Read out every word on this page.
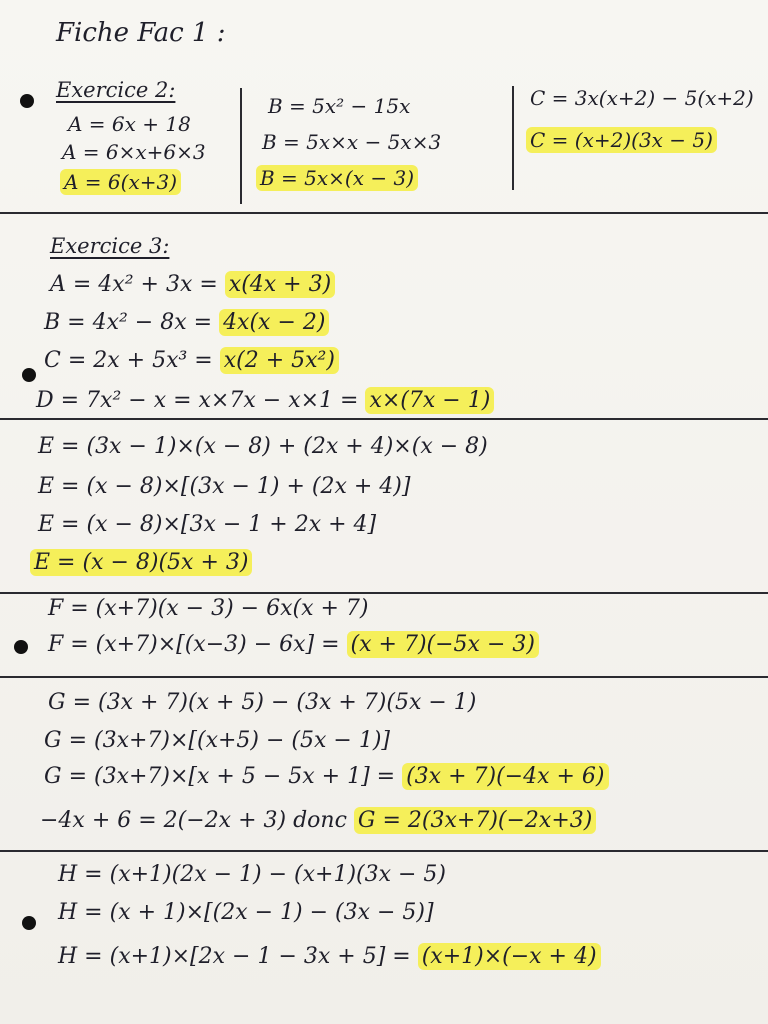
Fiche Fac 1 :
Exercice 2:
A = 6x + 18
A = 6×x+6×3
A = 6(x+3)
B = 5x² − 15x
B = 5x×x − 5x×3
B = 5x×(x − 3)
C = 3x(x+2) − 5(x+2)
C = (x+2)(3x − 5)
Exercice 3:
A = 4x² + 3x = x(4x + 3)
B = 4x² − 8x = 4x(x − 2)
C = 2x + 5x³ = x(2 + 5x²)
D = 7x² − x = x×7x − x×1 = x×(7x − 1)
E = (3x − 1)×(x − 8) + (2x + 4)×(x − 8)
E = (x − 8)×[(3x − 1) + (2x + 4)]
E = (x − 8)×[3x − 1 + 2x + 4]
E = (x − 8)(5x + 3)
F = (x+7)(x − 3) − 6x(x + 7)
F = (x+7)×[(x−3) − 6x] = (x + 7)(−5x − 3)
G = (3x + 7)(x + 5) − (3x + 7)(5x − 1)
G = (3x+7)×[(x+5) − (5x − 1)]
G = (3x+7)×[x + 5 − 5x + 1] = (3x + 7)(−4x + 6)
−4x + 6 = 2(−2x + 3) donc G = 2(3x+7)(−2x+3)
H = (x+1)(2x − 1) − (x+1)(3x − 5)
H = (x + 1)×[(2x − 1) − (3x − 5)]
H = (x+1)×[2x − 1 − 3x + 5] = (x+1)×(−x + 4)
